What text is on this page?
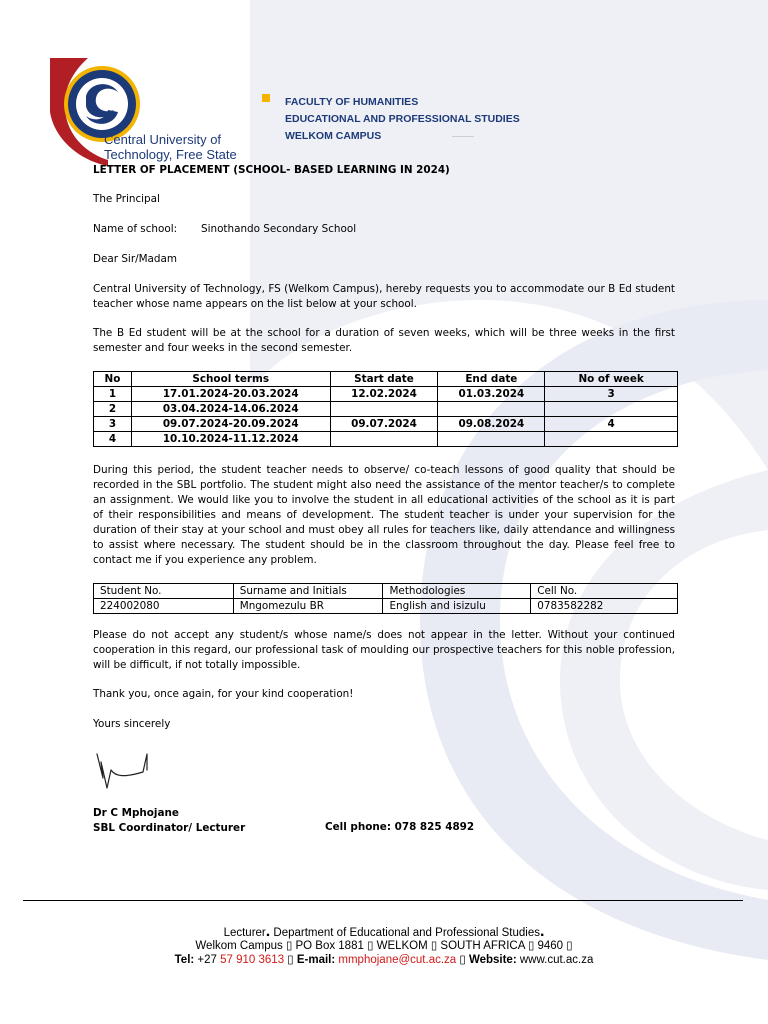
Central University of
Technology, Free State
FACULTY OF HUMANITIES
EDUCATIONAL AND PROFESSIONAL STUDIES
WELKOM CAMPUS
LETTER OF PLACEMENT (SCHOOL- BASED LEARNING IN 2024)
The Principal
Name of school: Sinothando Secondary School
Dear Sir/Madam
Central University of Technology, FS (Welkom Campus), hereby requests you to accommodate our B Ed student teacher whose name appears on the list below at your school.
The B Ed student will be at the school for a duration of seven weeks, which will be three weeks in the first semester and four weeks in the second semester.
No	School terms	Start date	End date	No of week
1	17.01.2024-20.03.2024	12.02.2024	01.03.2024	3
2	03.04.2024-14.06.2024			
3	09.07.2024-20.09.2024	09.07.2024	09.08.2024	4
4	10.10.2024-11.12.2024			
During this period, the student teacher needs to observe/ co-teach lessons of good quality that should be recorded in the SBL portfolio. The student might also need the assistance of the mentor teacher/s to complete an assignment. We would like you to involve the student in all educational activities of the school as it is part of their responsibilities and means of development. The student teacher is under your supervision for the duration of their stay at your school and must obey all rules for teachers like, daily attendance and willingness to assist where necessary. The student should be in the classroom throughout the day. Please feel free to contact me if you experience any problem.
Student No.	Surname and Initials	Methodologies	Cell No.
224002080	Mngomezulu BR	English and isizulu	0783582282
Please do not accept any student/s whose name/s does not appear in the letter. Without your continued cooperation in this regard, our professional task of moulding our prospective teachers for this noble profession, will be difficult, if not totally impossible.
Thank you, once again, for your kind cooperation!
Yours sincerely
Dr C Mphojane
SBL Coordinator/ Lecturer	Cell phone: 078 825 4892
Lecturer. Department of Educational and Professional Studies.
Welkom Campus ▯ PO Box 1881 ▯ WELKOM ▯ SOUTH AFRICA ▯ 9460 ▯
Tel: +27 57 910 3613 ▯ E-mail: mmphojane@cut.ac.za ▯ Website: www.cut.ac.za
